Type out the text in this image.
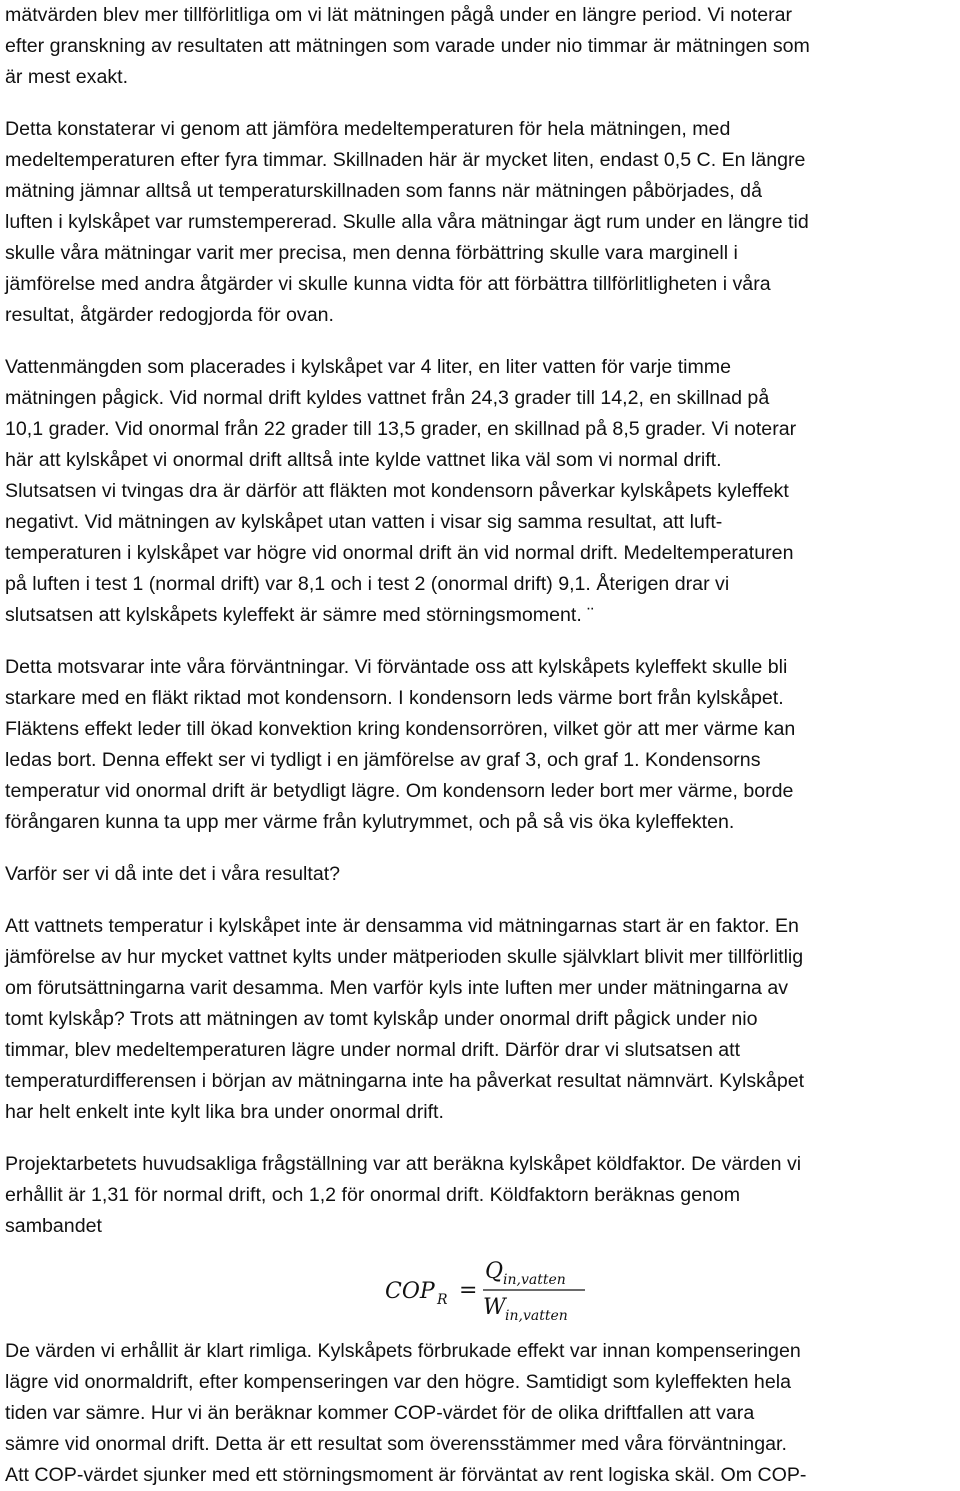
mätvärden blev mer tillförlitliga om vi lät mätningen pågå under en längre period. Vi noterar
efter granskning av resultaten att mätningen som varade under nio timmar är mätningen som
är mest exakt.

Detta konstaterar vi genom att jämföra medeltemperaturen för hela mätningen, med
medeltemperaturen efter fyra timmar. Skillnaden här är mycket liten, endast 0,5 C. En längre
mätning jämnar alltså ut temperaturskillnaden som fanns när mätningen påbörjades, då
luften i kylskåpet var rumstempererad. Skulle alla våra mätningar ägt rum under en längre tid
skulle våra mätningar varit mer precisa, men denna förbättring skulle vara marginell i
jämförelse med andra åtgärder vi skulle kunna vidta för att förbättra tillförlitligheten i våra
resultat, åtgärder redogjorda för ovan.

Vattenmängden som placerades i kylskåpet var 4 liter, en liter vatten för varje timme
mätningen pågick. Vid normal drift kyldes vattnet från 24,3 grader till 14,2, en skillnad på
10,1 grader. Vid onormal från 22 grader till 13,5 grader, en skillnad på 8,5 grader. Vi noterar
här att kylskåpet vi onormal drift alltså inte kylde vattnet lika väl som vi normal drift.
Slutsatsen vi tvingas dra är därför att fläkten mot kondensorn påverkar kylskåpets kyleffekt
negativt. Vid mätningen av kylskåpet utan vatten i visar sig samma resultat, att luft-
temperaturen i kylskåpet var högre vid onormal drift än vid normal drift. Medeltemperaturen
på luften i test 1 (normal drift) var 8,1 och i test 2 (onormal drift) 9,1. Återigen drar vi
slutsatsen att kylskåpets kyleffekt är sämre med störningsmoment. ¨

Detta motsvarar inte våra förväntningar. Vi förväntade oss att kylskåpets kyleffekt skulle bli
starkare med en fläkt riktad mot kondensorn. I kondensorn leds värme bort från kylskåpet.
Fläktens effekt leder till ökad konvektion kring kondensorrören, vilket gör att mer värme kan
ledas bort. Denna effekt ser vi tydligt i en jämförelse av graf 3, och graf 1. Kondensorns
temperatur vid onormal drift är betydligt lägre. Om kondensorn leder bort mer värme, borde
förångaren kunna ta upp mer värme från kylutrymmet, och på så vis öka kyleffekten.

Varför ser vi då inte det i våra resultat?

Att vattnets temperatur i kylskåpet inte är densamma vid mätningarnas start är en faktor. En
jämförelse av hur mycket vattnet kylts under mätperioden skulle självklart blivit mer tillförlitlig
om förutsättningarna varit desamma. Men varför kyls inte luften mer under mätningarna av
tomt kylskåp? Trots att mätningen av tomt kylskåp under onormal drift pågick under nio
timmar, blev medeltemperaturen lägre under normal drift. Därför drar vi slutsatsen att
temperaturdifferensen i början av mätningarna inte ha påverkat resultat nämnvärt. Kylskåpet
har helt enkelt inte kylt lika bra under onormal drift.

Projektarbetets huvudsakliga frågställning var att beräkna kylskåpet köldfaktor. De värden vi
erhållit är 1,31 för normal drift, och 1,2 för onormal drift. Köldfaktorn beräknas genom
sambandet

COP R =
Q in,vatten
W in,vatten

De värden vi erhållit är klart rimliga. Kylskåpets förbrukade effekt var innan kompenseringen
lägre vid onormaldrift, efter kompenseringen var den högre. Samtidigt som kyleffekten hela
tiden var sämre. Hur vi än beräknar kommer COP-värdet för de olika driftfallen att vara
sämre vid onormal drift. Detta är ett resultat som överensstämmer med våra förväntningar.
Att COP-värdet sjunker med ett störningsmoment är förväntat av rent logiska skäl. Om COP-
